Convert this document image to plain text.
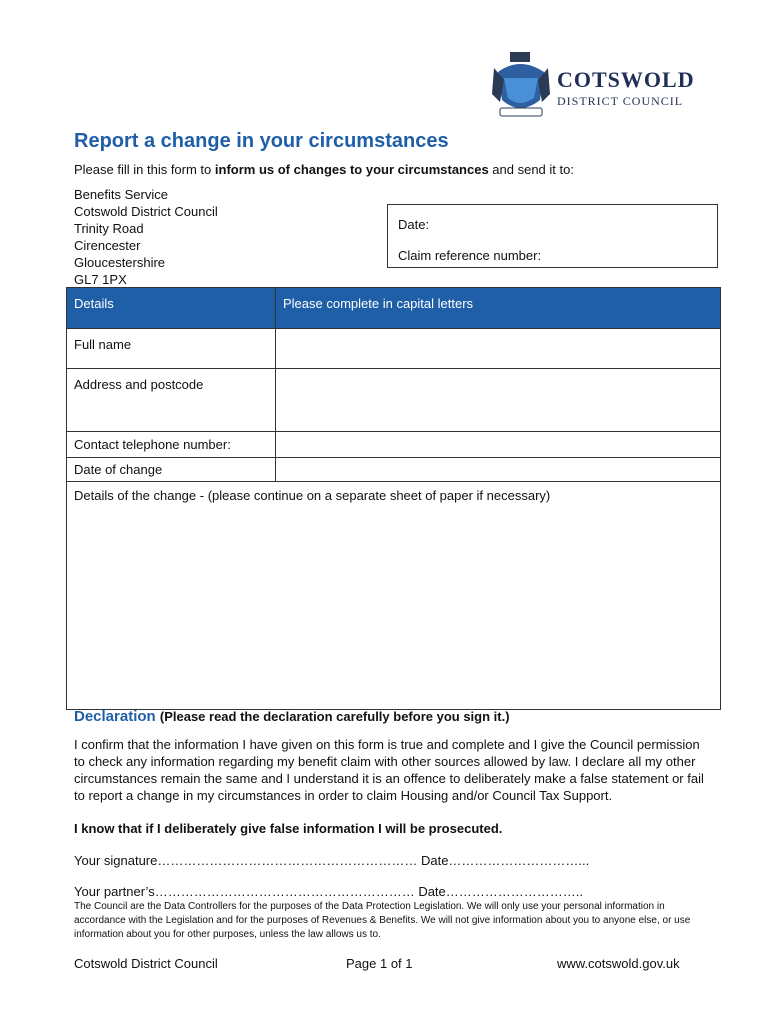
COTSWOLD
DISTRICT COUNCIL
Report a change in your circumstances
Please fill in this form to inform us of changes to your circumstances and send it to:
Benefits Service
Cotswold District Council
Trinity Road
Cirencester
Gloucestershire
GL7 1PX
Date:
Claim reference number:
Details	Please complete in capital letters
Full name	
Address and postcode	
Contact telephone number:	
Date of change	
Details of the change - (please continue on a separate sheet of paper if necessary)	
Declaration (Please read the declaration carefully before you sign it.)
I confirm that the information I have given on this form is true and complete and I give the Council permission to check any information regarding my benefit claim with other sources allowed by law. I declare all my other circumstances remain the same and I understand it is an offence to deliberately make a false statement or fail to report a change in my circumstances in order to claim Housing and/or Council Tax Support.
I know that if I deliberately give false information I will be prosecuted.
Your signature…………………………………………………… Date…………………………...
Your partner’s…………………………………………………… Date…………………………..
The Council are the Data Controllers for the purposes of the Data Protection Legislation. We will only use your personal information in accordance with the Legislation and for the purposes of Revenues & Benefits. We will not give information about you to anyone else, or use information about you for other purposes, unless the law allows us to.
Cotswold District Council	Page 1 of 1	www.cotswold.gov.uk
